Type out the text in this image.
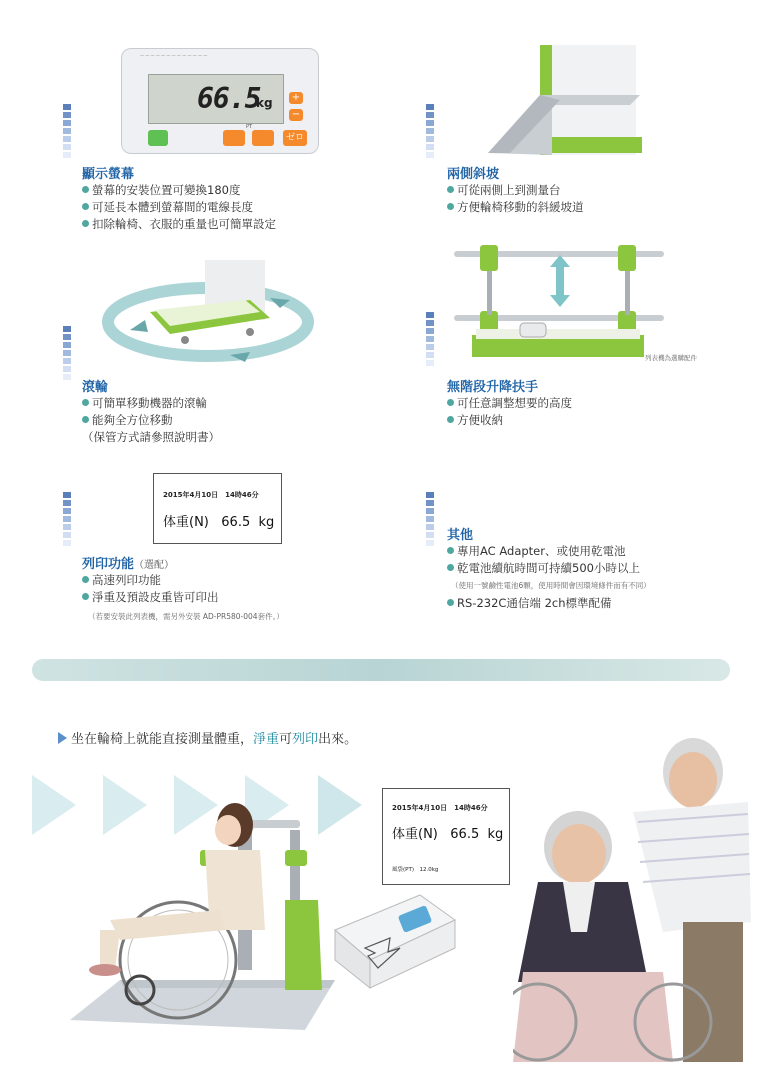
— — — — — — — — — — — — —
66.5
kg +
−
ゼロ
PT
顯示螢幕
螢幕的安裝位置可變換180度
可延長本體到螢幕間的電線長度
扣除輪椅、衣服的重量也可簡單設定
兩側斜坡
可從兩側上到測量台
方便輪椅移動的斜緩坡道
滾輪
可簡單移動機器的滾輪
能夠全方位移動
（保管方式請參照說明書）
列表機為選購配件
無階段升降扶手
可任意調整想要的高度
方便收納
2015年4月10日　14時46分
体重(N) 66.5 kg
列印功能（選配）
高速列印功能
淨重及預設皮重皆可印出
（若要安裝此列表機，需另外安裝 AD-PR580-004套件。）
其他
專用AC Adapter、或使用乾電池
乾電池續航時間可持續500小時以上
（使用一號鹼性電池6顆，使用時間會因環境條件而有不同）
RS-232C通信端 2ch標準配備
坐在輪椅上就能直接測量體重，淨重可列印出來。
2015年4月10日　14時46分
体重(N) 66.5 kg
風袋(PT)　12.0kg
